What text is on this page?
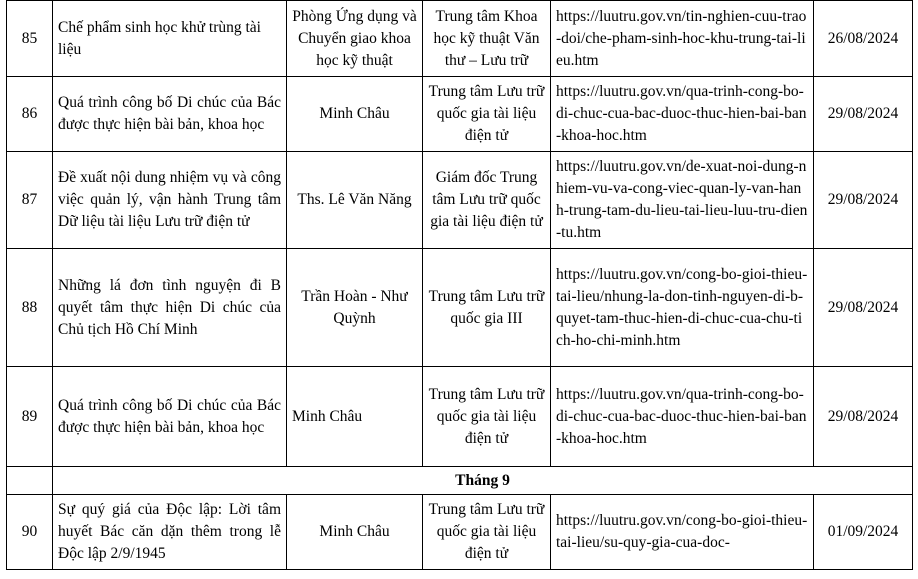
85	Chế phẩm sinh học khử trùng tài liệu	Phòng Ứng dụng và Chuyển giao khoa học kỹ thuật	Trung tâm Khoa học kỹ thuật Văn thư – Lưu trữ	https://luutru.gov.vn/tin-nghien-cuu-trao-doi/che-pham-sinh-hoc-khu-trung-tai-lieu.htm	26/08/2024
86	Quá trình công bố Di chúc của Bác được thực hiện bài bản, khoa học	Minh Châu	Trung tâm Lưu trữ quốc gia tài liệu điện tử	https://luutru.gov.vn/qua-trinh-cong-bo-di-chuc-cua-bac-duoc-thuc-hien-bai-ban-khoa-hoc.htm	29/08/2024
87	Đề xuất nội dung nhiệm vụ và công việc quản lý, vận hành Trung tâm Dữ liệu tài liệu Lưu trữ điện tử	Ths. Lê Văn Năng	Giám đốc Trung tâm Lưu trữ quốc gia tài liệu điện tử	https://luutru.gov.vn/de-xuat-noi-dung-nhiem-vu-va-cong-viec-quan-ly-van-hanh-trung-tam-du-lieu-tai-lieu-luu-tru-dien-tu.htm	29/08/2024
88	Những lá đơn tình nguyện đi B quyết tâm thực hiện Di chúc của Chủ tịch Hồ Chí Minh	Trần Hoàn - Như Quỳnh	Trung tâm Lưu trữ quốc gia III	https://luutru.gov.vn/cong-bo-gioi-thieu-tai-lieu/nhung-la-don-tinh-nguyen-di-b-quyet-tam-thuc-hien-di-chuc-cua-chu-tich-ho-chi-minh.htm	29/08/2024
89	Quá trình công bố Di chúc của Bác được thực hiện bài bản, khoa học	Minh Châu	Trung tâm Lưu trữ quốc gia tài liệu điện tử	https://luutru.gov.vn/qua-trinh-cong-bo-di-chuc-cua-bac-duoc-thuc-hien-bai-ban-khoa-hoc.htm	29/08/2024
	Tháng 9				
90	Sự quý giá của Độc lập: Lời tâm huyết Bác căn dặn thêm trong lễ Độc lập 2/9/1945	Minh Châu	Trung tâm Lưu trữ quốc gia tài liệu điện tử	https://luutru.gov.vn/cong-bo-gioi-thieu-tai-lieu/su-quy-gia-cua-doc-	01/09/2024
